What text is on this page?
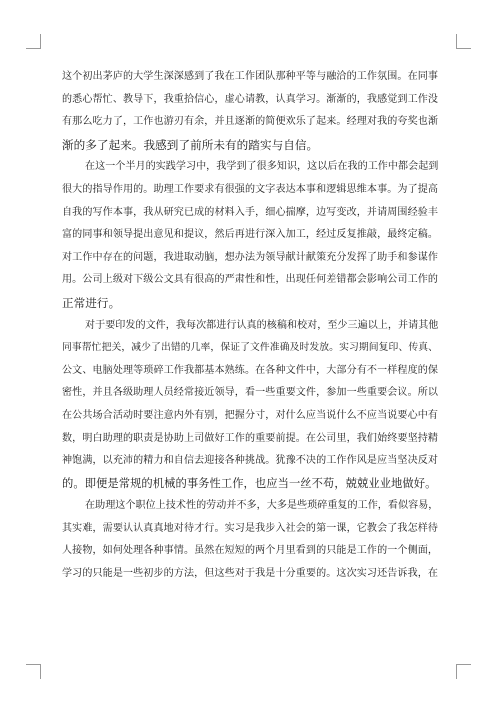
这个初出茅庐的大学生深深感到了我在工作团队那种平等与融洽的工作氛围。在同事
的悉心帮忙、教导下，我重拾信心，虚心请教，认真学习。渐渐的，我感觉到工作没
有那么吃力了，工作也游刃有余，并且逐渐的简便欢乐了起来。经理对我的夸奖也渐
渐的多了起来。我感到了前所未有的踏实与自信。
在这一个半月的实践学习中，我学到了很多知识，这以后在我的工作中都会起到
很大的指导作用的。助理工作要求有很强的文字表达本事和逻辑思维本事。为了提高
自我的写作本事，我从研究已成的材料入手，细心揣摩，边写变改，并请周围经验丰
富的同事和领导提出意见和提议，然后再进行深入加工，经过反复推敲，最终定稿。
对工作中存在的问题，我进取动脑，想办法为领导献计献策充分发挥了助手和参谋作
用。公司上级对下级公文具有很高的严肃性和性，出现任何差错都会影响公司工作的
正常进行。
对于要印发的文件，我每次都进行认真的核稿和校对，至少三遍以上，并请其他
同事帮忙把关，减少了出错的几率，保证了文件准确及时发放。实习期间复印、传真、
公文、电脑处理等琐碎工作我都基本熟练。在各种文件中，大部分有不一样程度的保
密性，并且各级助理人员经常接近领导，看一些重要文件，参加一些重要会议。所以
在公共场合活动时要注意内外有别，把握分寸，对什么应当说什么不应当说要心中有
数，明白助理的职责是协助上司做好工作的重要前提。在公司里，我们始终要坚持精
神饱满，以充沛的精力和自信去迎接各种挑战。犹豫不决的工作作风是应当坚决反对
的。即便是常规的机械的事务性工作，也应当一丝不苟，兢兢业业地做好。
在助理这个职位上技术性的劳动并不多，大多是些琐碎重复的工作，看似容易，
其实难，需要认认真真地对待才行。实习是我步入社会的第一课，它教会了我怎样待
人接物，如何处理各种事情。虽然在短短的两个月里看到的只能是工作的一个侧面，
学习的只能是一些初步的方法，但这些对于我是十分重要的。这次实习还告诉我，在
